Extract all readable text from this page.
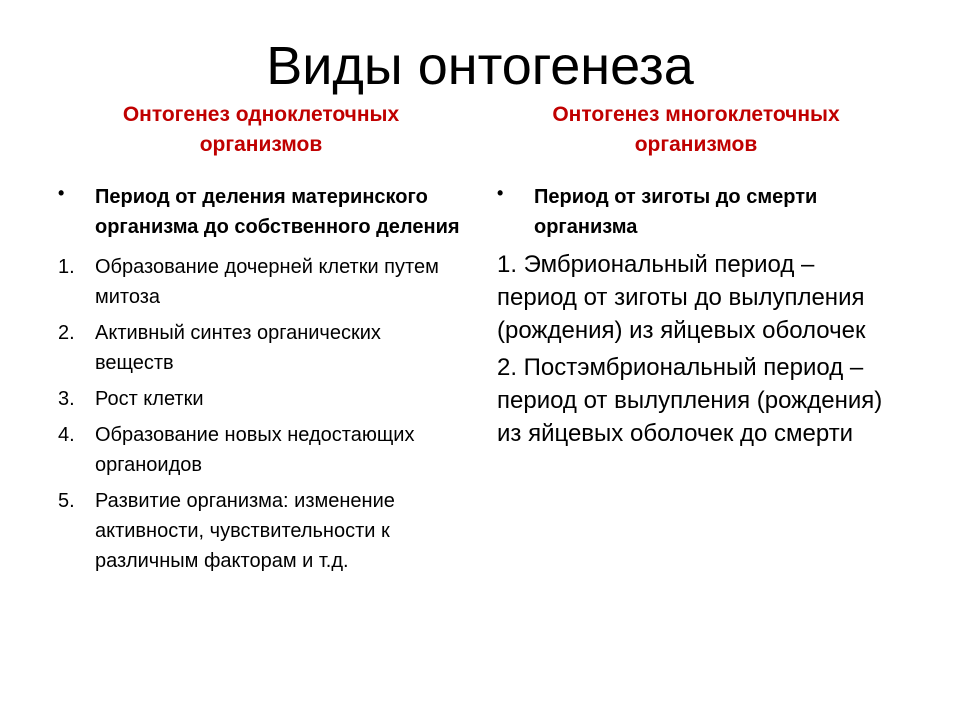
Виды онтогенеза
Онтогенез одноклеточных организмов
Онтогенез многоклеточных организмов
•	Период от деления материнского организма до собственного деления
1.	Образование дочерней клетки путем митоза
2.	Активный синтез органических веществ
3.	Рост клетки
4.	Образование новых недостающих органоидов
5.	Развитие организма: изменение активности, чувствительности к различным факторам и т.д.
•	Период от зиготы до смерти организма
1. Эмбриональный период – период от зиготы до вылупления (рождения) из яйцевых оболочек
2. Постэмбриональный период – период от вылупления (рождения) из яйцевых оболочек до смерти
